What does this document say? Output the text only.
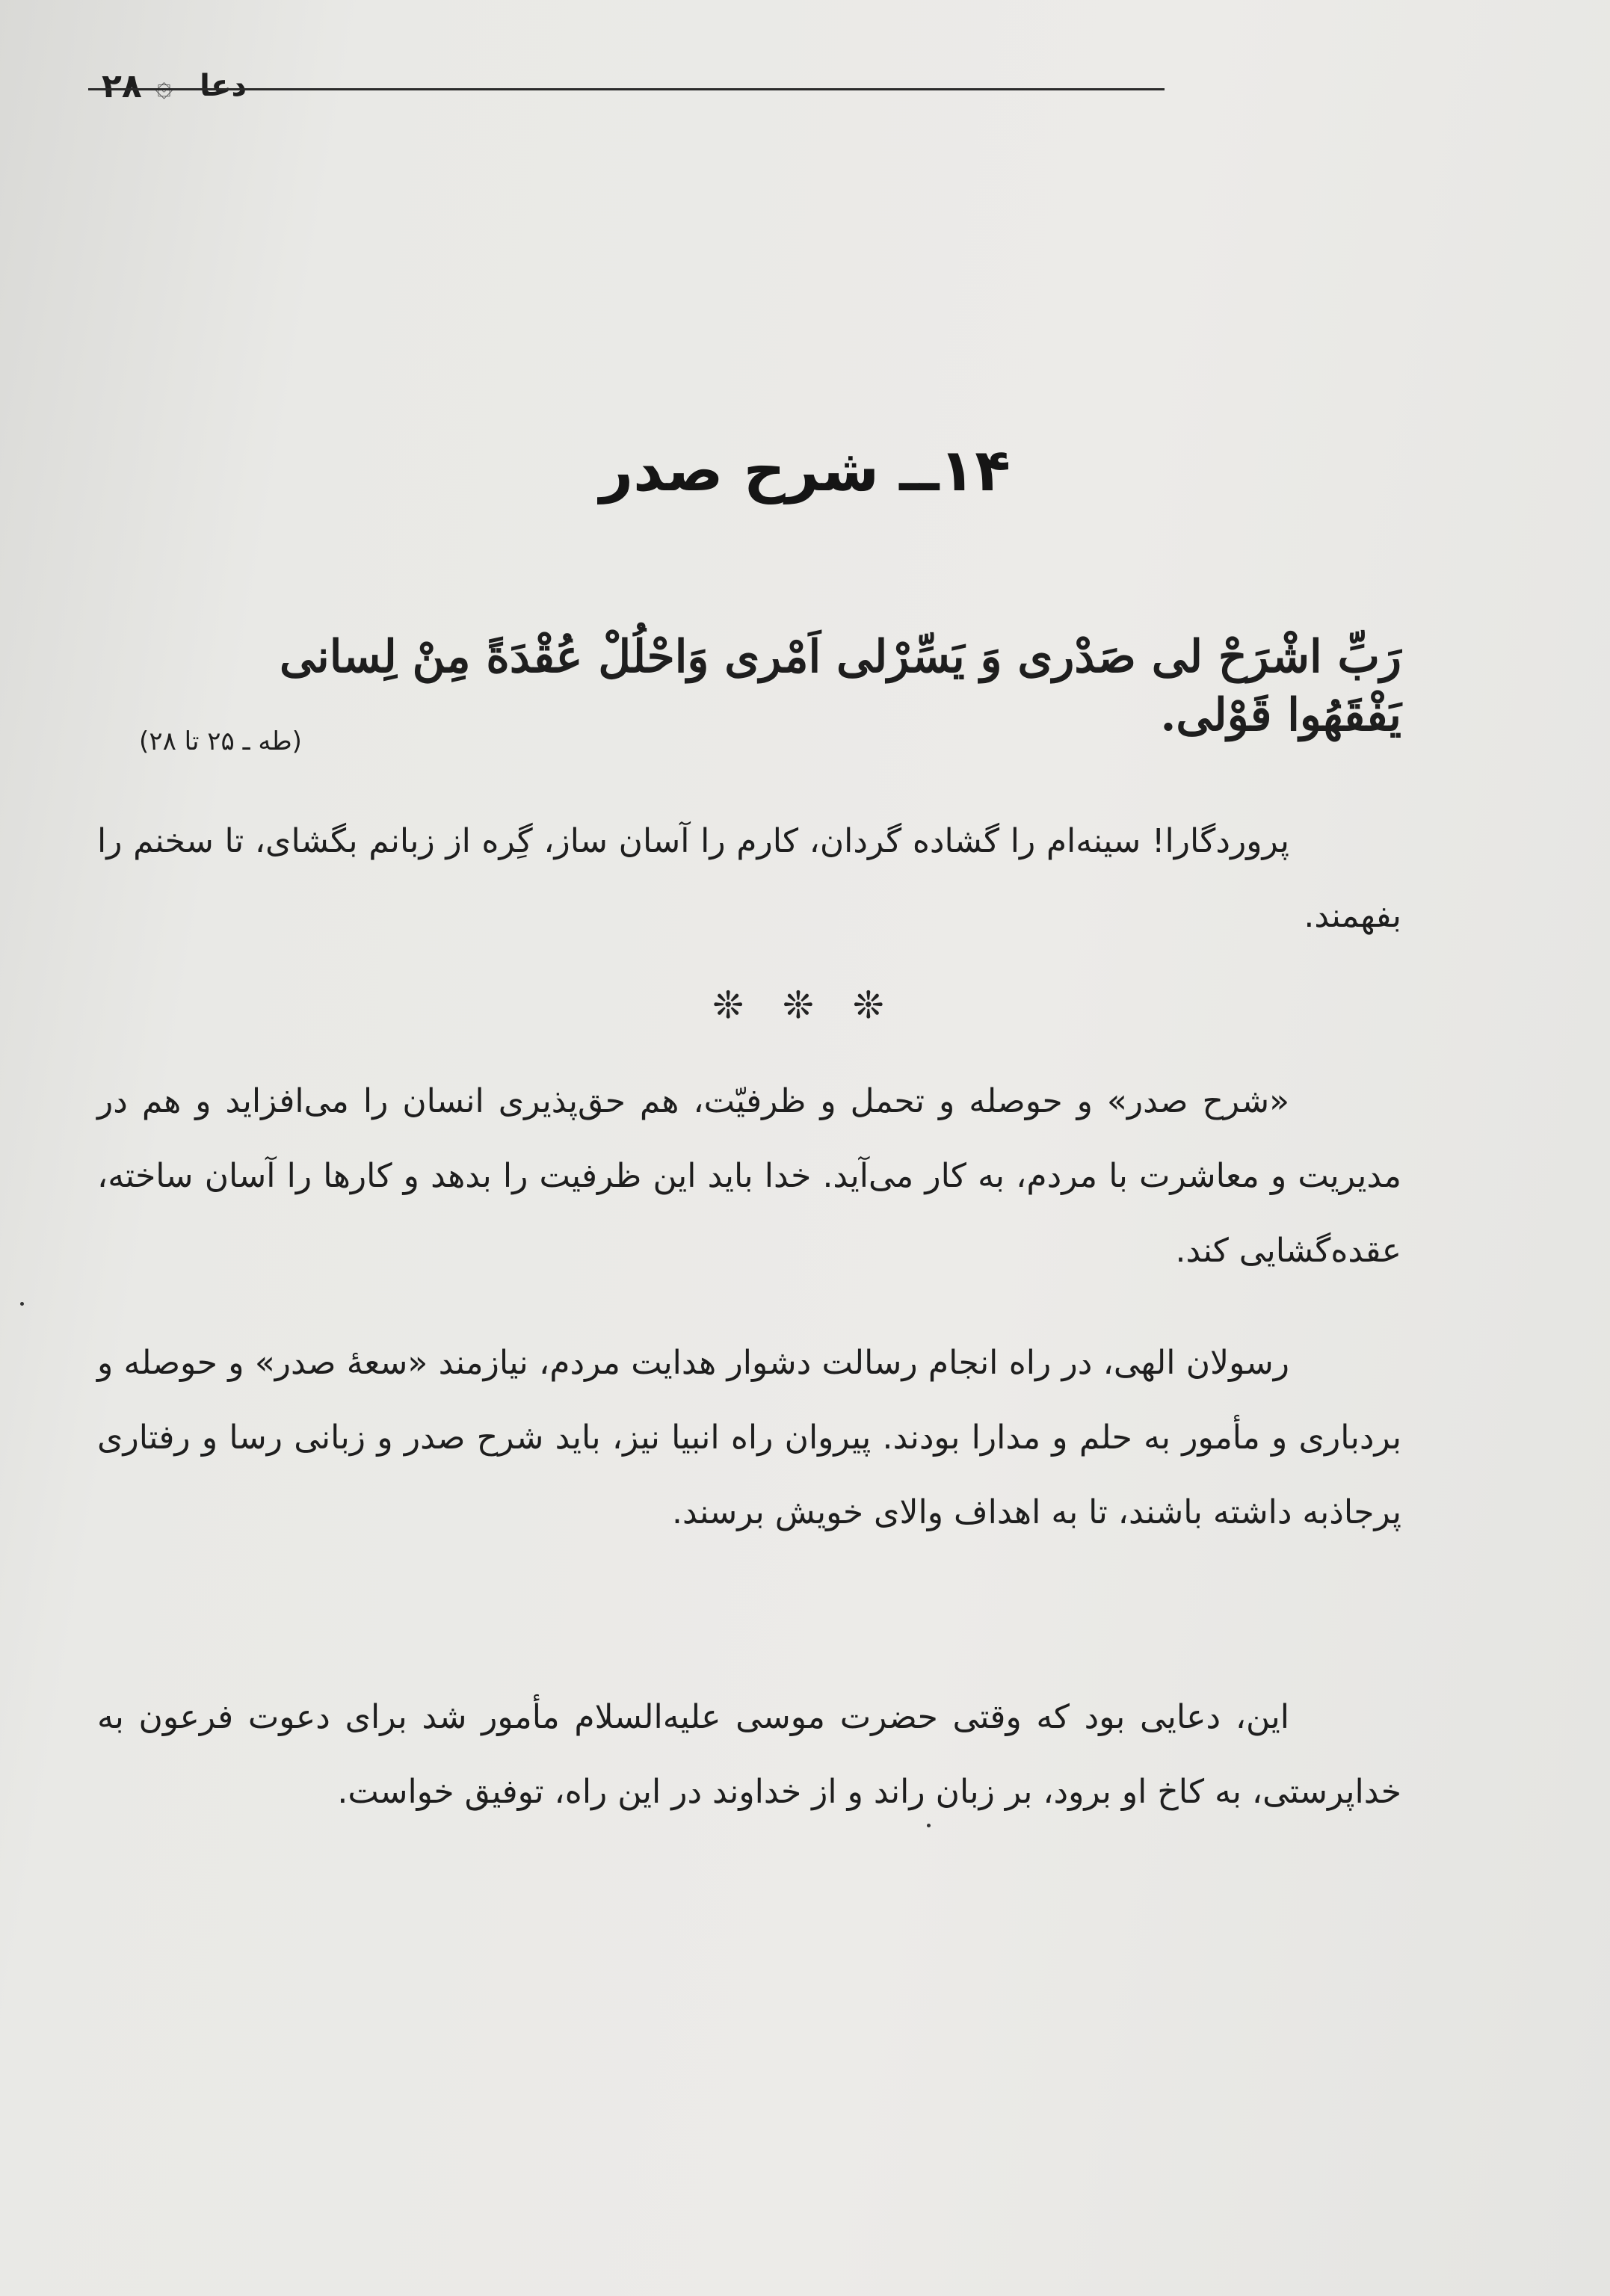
۲۸ ۞ دعا
۱۴ــ شرح صدر
رَبِّ اشْرَحْ لی صَدْری وَ یَسِّرْلی اَمْری وَاحْلُلْ عُقْدَةً مِنْ لِسانی یَفْقَهُوا قَوْلی.
(طه ـ ۲۵ تا ۲۸)
پروردگارا! سینه‌ام را گشاده گردان، کارم را آسان ساز، گِره از زبانم بگشای، تا سخنم را بفهمند.
❊ ❊ ❊
«شرح صدر» و حوصله و تحمل و ظرفیّت، هم حق‌پذیری انسان را می‌افزاید و هم در مدیریت و معاشرت با مردم، به کار می‌آید. خدا باید این ظرفیت را بدهد و کارها را آسان ساخته، عقده‌گشایی کند.
رسولان الهی، در راه انجام رسالت دشوار هدایت مردم، نیازمند «سعهٔ صدر» و حوصله و بردباری و مأمور به حلم و مدارا بودند. پیروان راه انبیا نیز، باید شرح صدر و زبانی رسا و رفتاری پرجاذبه داشته باشند، تا به اهداف والای خویش برسند.
این، دعایی بود که وقتی حضرت موسی علیه‌السلام مأمور شد برای دعوت فرعون به خداپرستی، به کاخ او برود، بر زبان راند و از خداوند در این راه، توفیق خواست.
